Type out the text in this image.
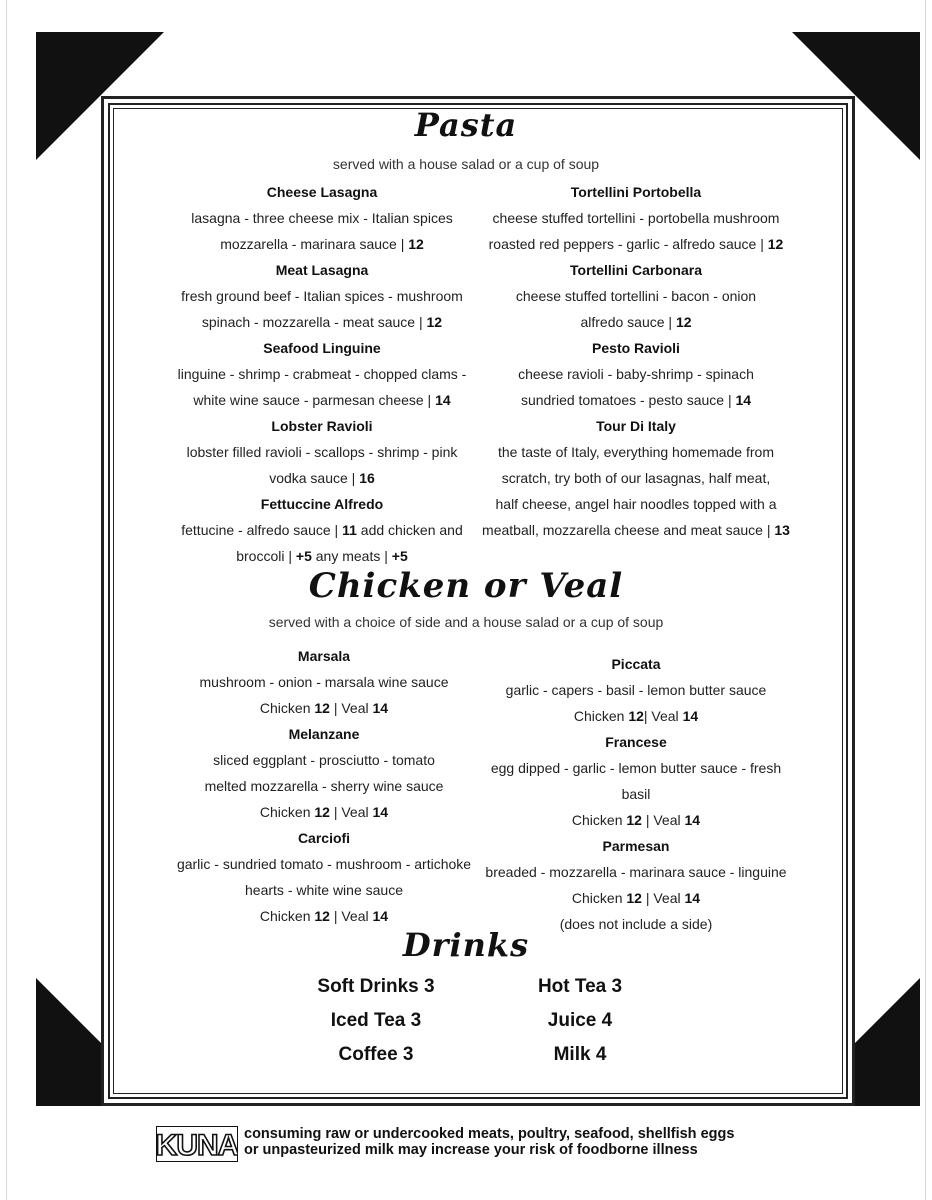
Pasta
served with a house salad or a cup of soup
Cheese Lasagna
lasagna - three cheese mix - Italian spices
mozzarella - marinara sauce | 12
Meat Lasagna
fresh ground beef - Italian spices - mushroom
spinach - mozzarella - meat sauce | 12
Seafood Linguine
linguine - shrimp - crabmeat - chopped clams -
white wine sauce - parmesan cheese | 14
Lobster Ravioli
lobster filled ravioli - scallops - shrimp - pink
vodka sauce | 16
Fettuccine Alfredo
fettucine - alfredo sauce | 11 add chicken and
broccoli | +5 any meats | +5
Tortellini Portobella
cheese stuffed tortellini - portobella mushroom
roasted red peppers - garlic - alfredo sauce | 12
Tortellini Carbonara
cheese stuffed tortellini - bacon - onion
alfredo sauce | 12
Pesto Ravioli
cheese ravioli - baby-shrimp - spinach
sundried tomatoes - pesto sauce | 14
Tour Di Italy
the taste of Italy, everything homemade from
scratch, try both of our lasagnas, half meat,
half cheese, angel hair noodles topped with a
meatball, mozzarella cheese and meat sauce | 13
Chicken or Veal
served with a choice of side and a house salad or a cup of soup
Marsala
mushroom - onion - marsala wine sauce
Chicken 12 | Veal 14
Melanzane
sliced eggplant - prosciutto - tomato
melted mozzarella - sherry wine sauce
Chicken 12 | Veal 14
Carciofi
garlic - sundried tomato - mushroom - artichoke
hearts - white wine sauce
Chicken 12 | Veal 14
Piccata
garlic - capers - basil - lemon butter sauce
Chicken 12| Veal 14
Francese
egg dipped - garlic - lemon butter sauce - fresh
basil
Chicken 12 | Veal 14
Parmesan
breaded - mozzarella - marinara sauce - linguine
Chicken 12 | Veal 14
(does not include a side)
Drinks
Soft Drinks 3
Iced Tea 3
Coffee 3
Hot Tea 3
Juice 4
Milk 4
KUNA consuming raw or undercooked meats, poultry, seafood, shellfish eggs
or unpasteurized milk may increase your risk of foodborne illness
